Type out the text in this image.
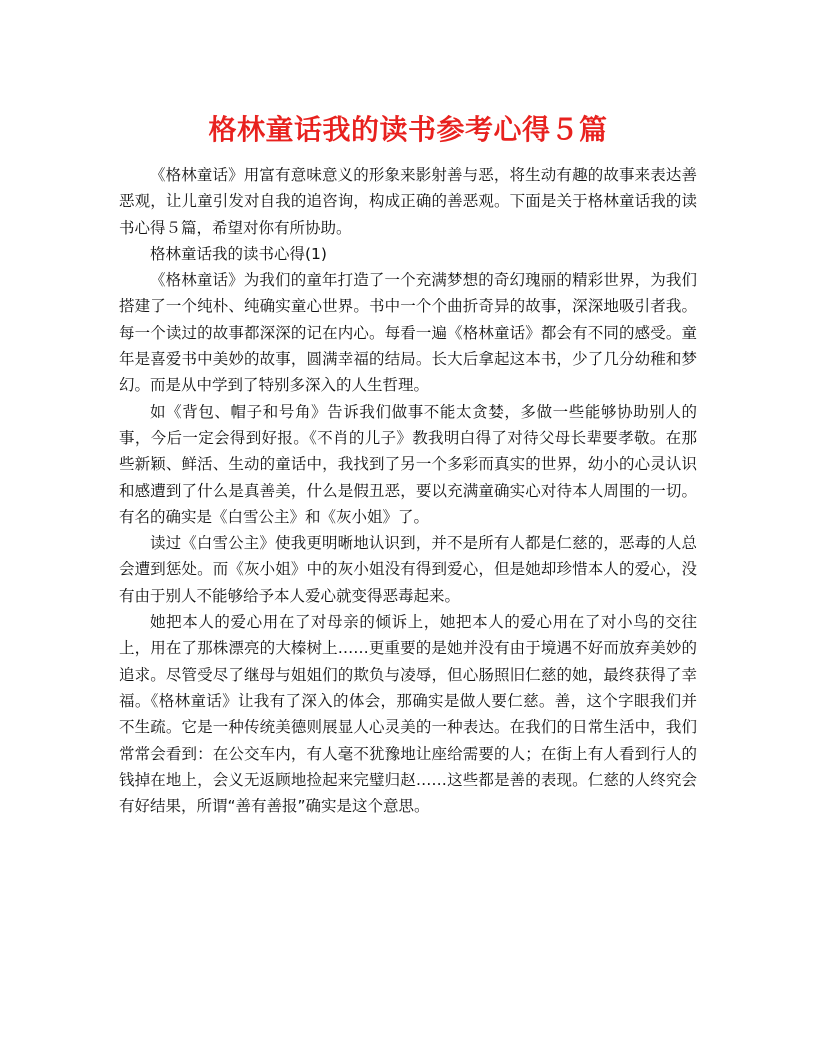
格林童话我的读书参考心得５篇

《格林童话》用富有意味意义的形象来影射善与恶，将生动有趣的故事来表达善恶观，让儿童引发对自我的追咨询，构成正确的善恶观。下面是关于格林童话我的读书心得５篇，希望对你有所协助。

格林童话我的读书心得(1)

《格林童话》为我们的童年打造了一个充满梦想的奇幻瑰丽的精彩世界，为我们搭建了一个纯朴、纯确实童心世界。书中一个个曲折奇异的故事，深深地吸引者我。每一个读过的故事都深深的记在内心。每看一遍《格林童话》都会有不同的感受。童年是喜爱书中美妙的故事，圆满幸福的结局。长大后拿起这本书，少了几分幼稚和梦幻。而是从中学到了特别多深入的人生哲理。

如《背包、帽子和号角》告诉我们做事不能太贪婪，多做一些能够协助别人的事，今后一定会得到好报。《不肖的儿子》教我明白得了对待父母长辈要孝敬。在那些新颖、鲜活、生动的童话中，我找到了另一个多彩而真实的世界，幼小的心灵认识和感遭到了什么是真善美，什么是假丑恶，要以充满童确实心对待本人周围的一切。有名的确实是《白雪公主》和《灰小姐》了。

读过《白雪公主》使我更明晰地认识到，并不是所有人都是仁慈的，恶毒的人总会遭到惩处。而《灰小姐》中的灰小姐没有得到爱心，但是她却珍惜本人的爱心，没有由于别人不能够给予本人爱心就变得恶毒起来。

她把本人的爱心用在了对母亲的倾诉上，她把本人的爱心用在了对小鸟的交往上，用在了那株漂亮的大榛树上……更重要的是她并没有由于境遇不好而放弃美妙的追求。尽管受尽了继母与姐姐们的欺负与凌辱，但心肠照旧仁慈的她，最终获得了幸福。《格林童话》让我有了深入的体会，那确实是做人要仁慈。善，这个字眼我们并不生疏。它是一种传统美德则展显人心灵美的一种表达。在我们的日常生活中，我们常常会看到：在公交车内，有人毫不犹豫地让座给需要的人；在街上有人看到行人的钱掉在地上，会义无返顾地捡起来完璧归赵……这些都是善的表现。仁慈的人终究会有好结果，所谓“善有善报”确实是这个意思。
